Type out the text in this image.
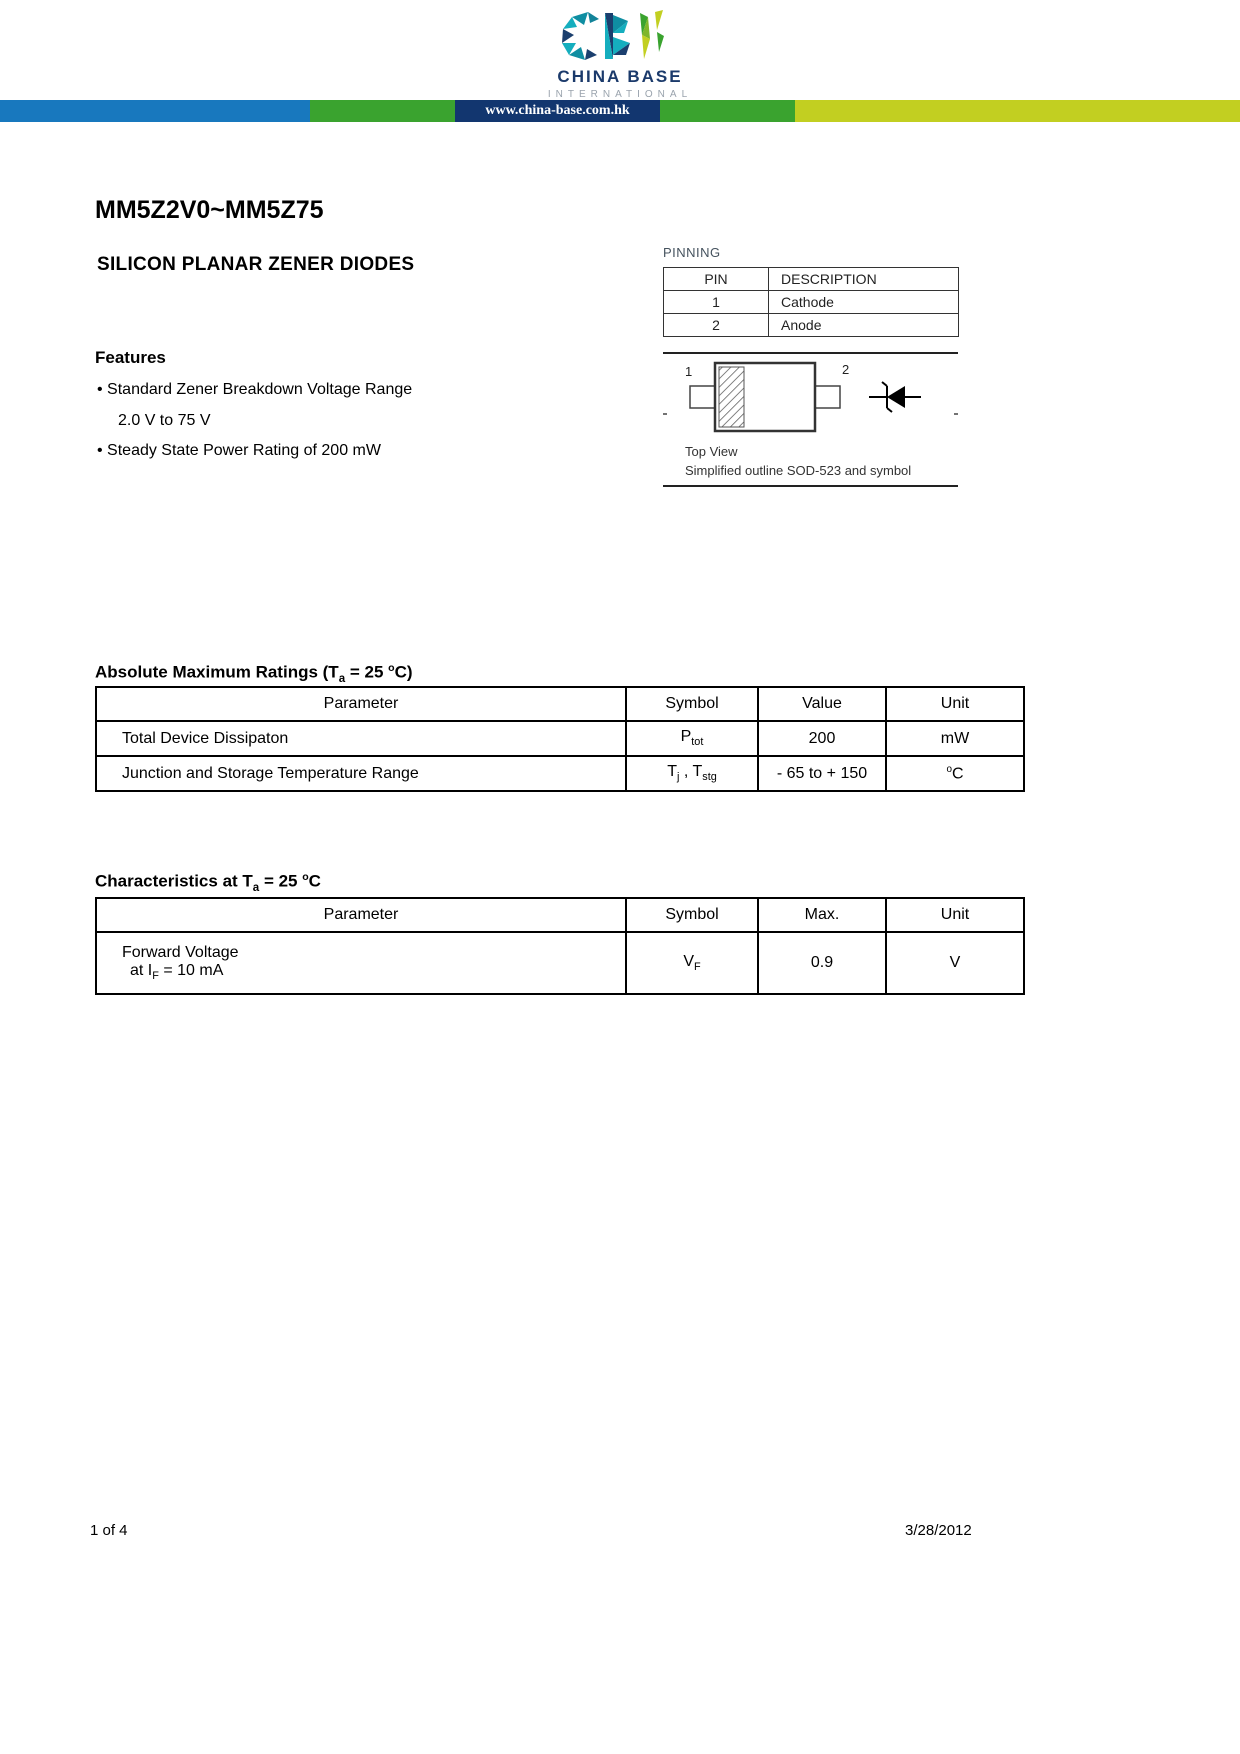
CHINA BASE
INTERNATIONAL
www.china-base.com.hk
MM5Z2V0~MM5Z75
SILICON PLANAR ZENER DIODES
PINNING
PIN	DESCRIPTION
1	Cathode
2	Anode
1	2
Top View
Simplified outline SOD-523 and symbol
Features
• Standard Zener Breakdown Voltage Range
2.0 V to 75 V
• Steady State Power Rating of 200 mW
Absolute Maximum Ratings ($T_a = 25$ $^o$C)
Parameter	Symbol	Value	Unit
Total Device Dissipaton	$P_{tot}$	200	mW
Junction and Storage Temperature Range	$T_j$ , $T_{stg}$	- 65 to + 150	$^o$C
Characteristics at $T_a = 25$ $^o$C
Parameter	Symbol	Max.	Unit
Forward Voltage
at $I_F = 10$ mA	$V_F$	0.9	V
1 of 4	3/28/2012
